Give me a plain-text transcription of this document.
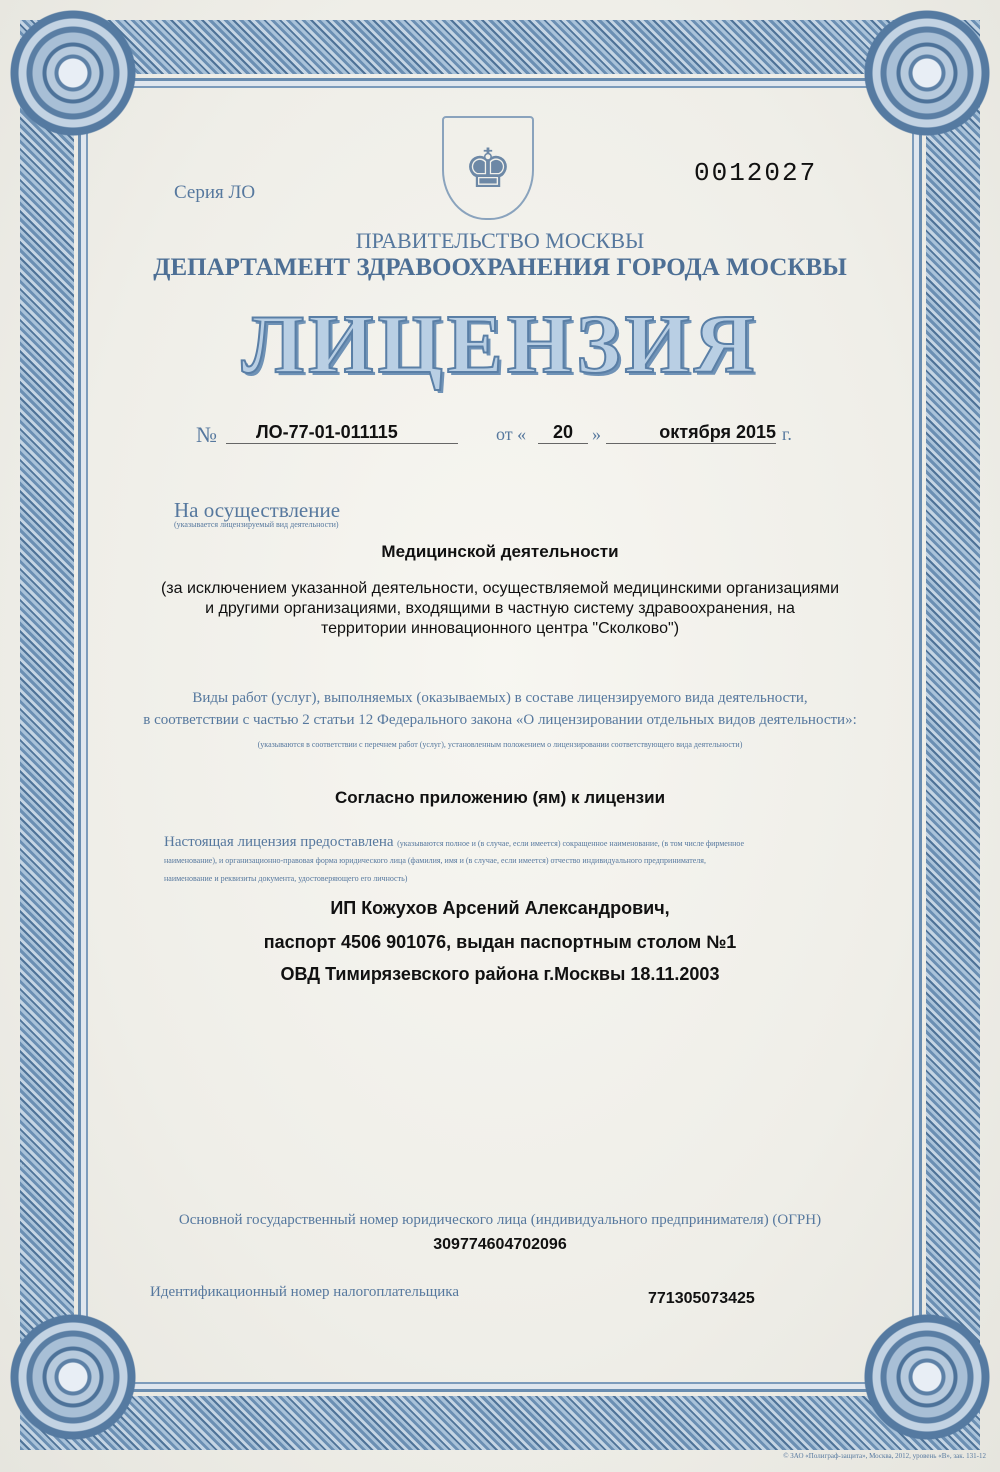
♚
Серия ЛО
0012027
ПРАВИТЕЛЬСТВО МОСКВЫ
ДЕПАРТАМЕНТ ЗДРАВООХРАНЕНИЯ ГОРОДА МОСКВЫ
ЛИЦЕНЗИЯ
№	ЛО-77-01-011115	от «	20	»	октября 2015 г.
На осуществление
(указывается лицензируемый вид деятельности)
Медицинской деятельности
(за исключением указанной деятельности, осуществляемой медицинскими организациями
и другими организациями, входящими в частную систему здравоохранения, на
территории инновационного центра "Сколково")
Виды работ (услуг), выполняемых (оказываемых) в составе лицензируемого вида деятельности,
в соответствии с частью 2 статьи 12 Федерального закона «О лицензировании отдельных видов деятельности»:
(указываются в соответствии с перечнем работ (услуг), установленным положением о лицензировании соответствующего вида деятельности)
Согласно приложению (ям) к лицензии
Настоящая лицензия предоставлена (указываются полное и (в случае, если имеется) сокращенное наименование, (в том числе фирменное
наименование), и организационно-правовая форма юридического лица (фамилия, имя и (в случае, если имеется) отчество индивидуального предпринимателя,
наименование и реквизиты документа, удостоверяющего его личность)
ИП Кожухов Арсений Александрович,
паспорт 4506 901076, выдан паспортным столом №1
ОВД Тимирязевского района г.Москвы 18.11.2003
Основной государственный номер юридического лица (индивидуального предпринимателя) (ОГРН)
309774604702096
Идентификационный номер налогоплательщика	771305073425
© ЗАО «Полиграф-защита», Москва, 2012, уровень «В», зак. 131-12
